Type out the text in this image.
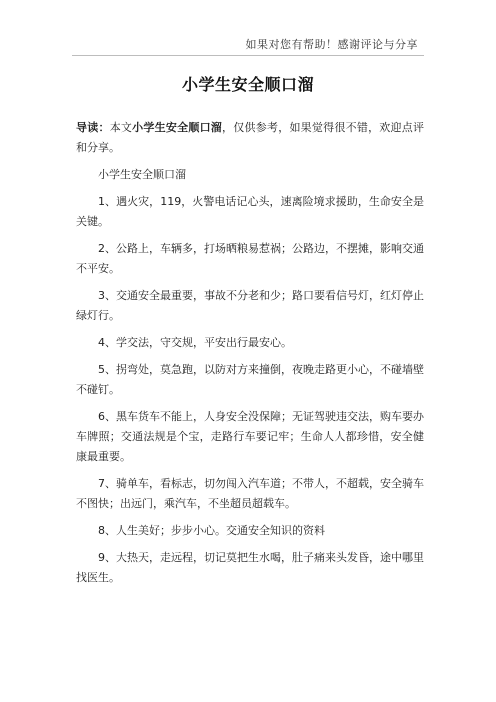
如果对您有帮助！感谢评论与分享
小学生安全顺口溜

导读：本文小学生安全顺口溜，仅供参考，如果觉得很不错，欢迎点评和分享。

小学生安全顺口溜

1、遇火灾，119，火警电话记心头，速离险境求援助，生命安全是关键。

2、公路上，车辆多，打场晒粮易惹祸；公路边，不摆摊，影响交通不平安。

3、交通安全最重要，事故不分老和少；路口要看信号灯，红灯停止绿灯行。

4、学交法，守交规，平安出行最安心。

5、拐弯处，莫急跑，以防对方来撞倒，夜晚走路更小心，不碰墙壁不碰钉。

6、黑车货车不能上，人身安全没保障；无证驾驶违交法，购车要办车牌照；交通法规是个宝，走路行车要记牢；生命人人都珍惜，安全健康最重要。

7、骑单车，看标志，切勿闯入汽车道；不带人，不超载，安全骑车不图快；出远门，乘汽车，不坐超员超载车。

8、人生美好；步步小心。交通安全知识的资料

9、大热天，走远程，切记莫把生水喝，肚子痛来头发昏，途中哪里找医生。
